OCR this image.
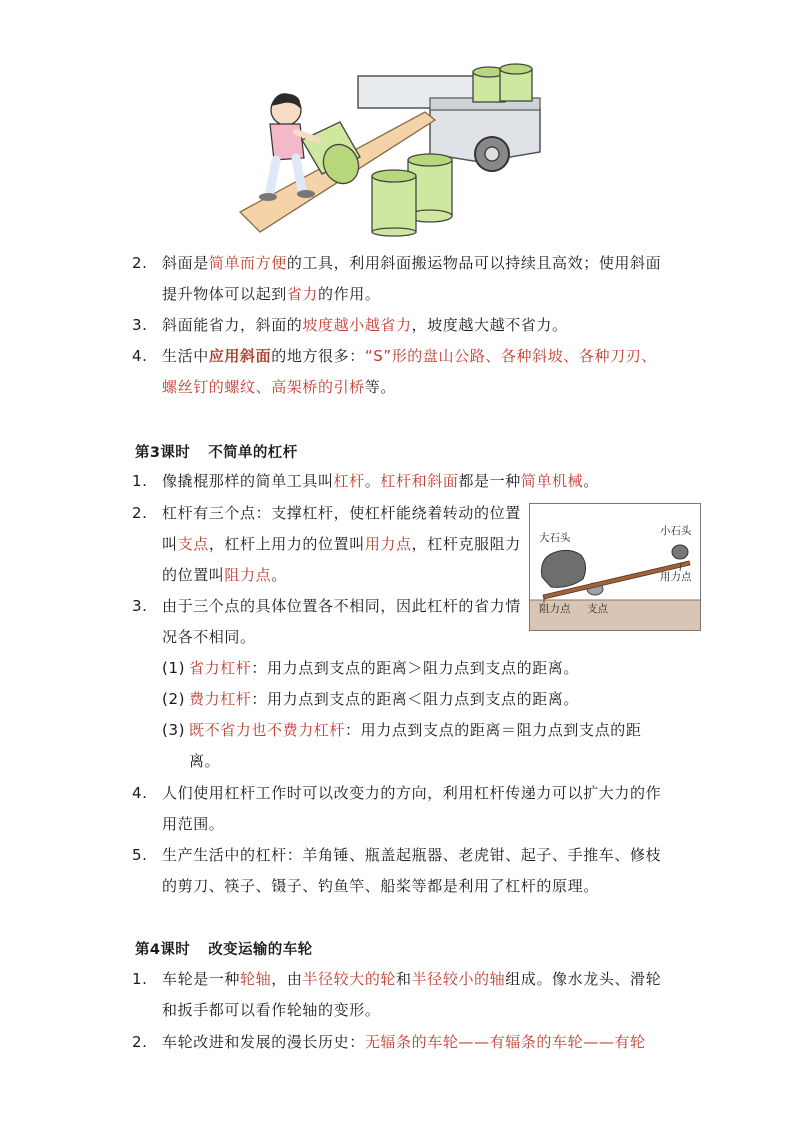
2. 斜面是简单而方便的工具，利用斜面搬运物品可以持续且高效；使用斜面提升物体可以起到省力的作用。
3. 斜面能省力，斜面的坡度越小越省力，坡度越大越不省力。
4. 生活中应用斜面的地方很多：“S”形的盘山公路、各种斜坡、各种刀刃、螺丝钉的螺纹、高架桥的引桥等。
第3课时 不简单的杠杆
1. 像撬棍那样的简单工具叫杠杆。杠杆和斜面都是一种简单机械。
2. 杠杆有三个点：支撑杠杆，使杠杆能绕着转动的位置叫支点，杠杆上用力的位置叫用力点，杠杆克服阻力的位置叫阻力点。
3. 由于三个点的具体位置各不相同，因此杠杆的省力情况各不相同。
大石头
小石头
用力点
阻力点 支点
(1) 省力杠杆：用力点到支点的距离＞阻力点到支点的距离。
(2) 费力杠杆：用力点到支点的距离＜阻力点到支点的距离。
(3) 既不省力也不费力杠杆：用力点到支点的距离＝阻力点到支点的距
离。
4. 人们使用杠杆工作时可以改变力的方向，利用杠杆传递力可以扩大力的作用范围。
5. 生产生活中的杠杆：羊角锤、瓶盖起瓶器、老虎钳、起子、手推车、修枝的剪刀、筷子、镊子、钓鱼竿、船桨等都是利用了杠杆的原理。
第4课时 改变运输的车轮
1. 车轮是一种轮轴，由半径较大的轮和半径较小的轴组成。像水龙头、滑轮和扳手都可以看作轮轴的变形。
2. 车轮改进和发展的漫长历史：无辐条的车轮——有辐条的车轮——有轮
